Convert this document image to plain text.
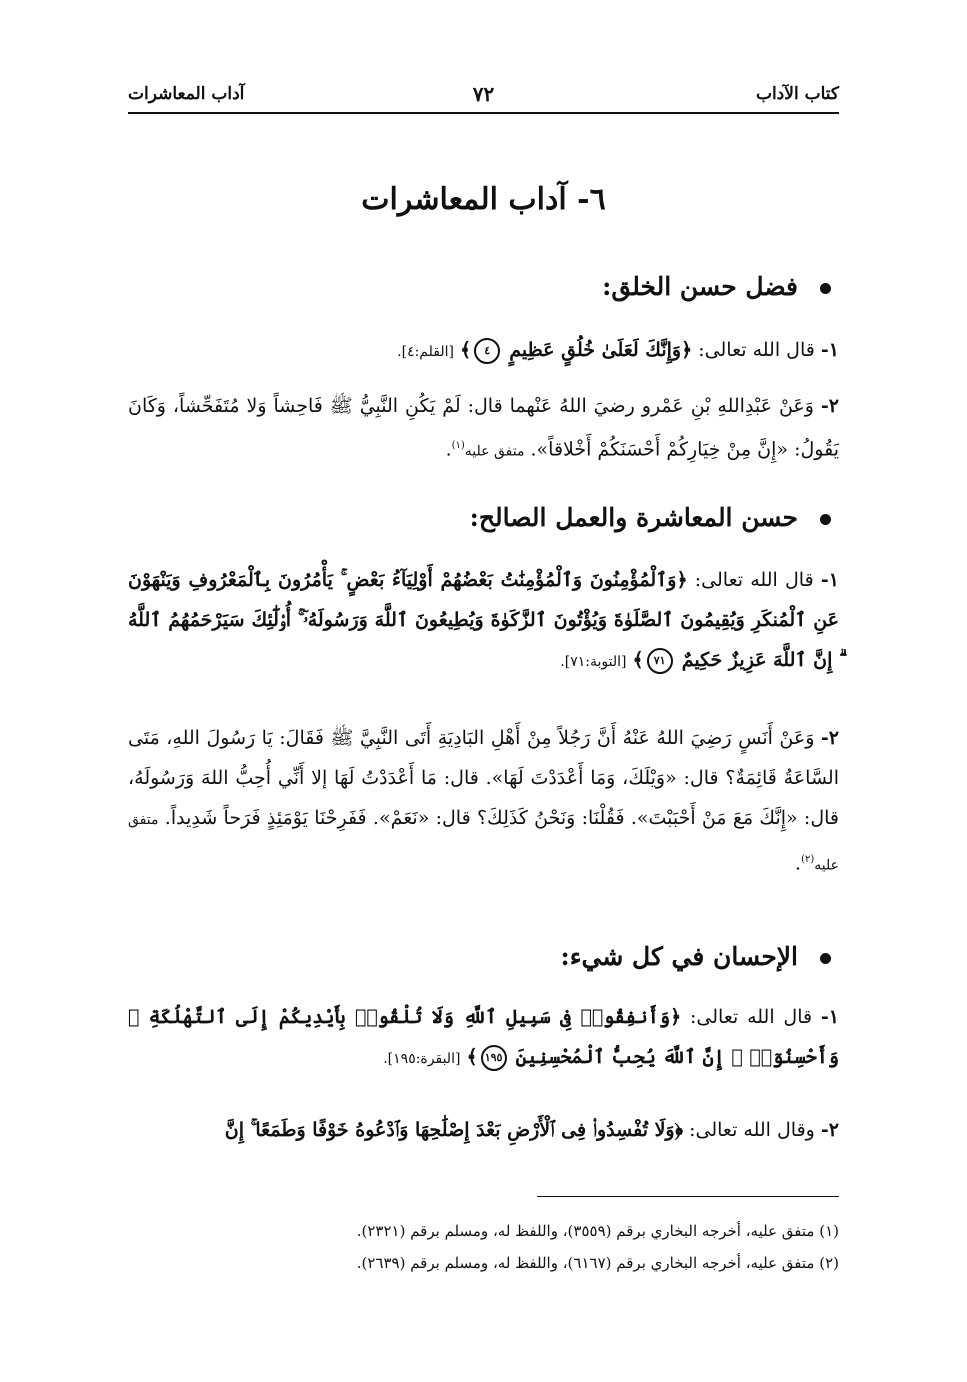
كتاب الآداب
٧٢
آداب المعاشرات
٦- آداب المعاشرات
فضل حسن الخلق:
١- قال الله تعالى: ﴿وَإِنَّكَ لَعَلَىٰ خُلُقٍ عَظِيمٍ ٤﴾ [القلم:٤].
٢- وَعَنْ عَبْدِاللهِ بْنِ عَمْرو رضيَ اللهُ عَنْهما قال: لَمْ يَكُنِ النَّبِيُّ ﷺ فَاحِشاً وَلا مُتَفَحِّشاً، وَكَانَ يَقُولُ: «إِنَّ مِنْ خِيَارِكُمْ أَحْسَنَكُمْ أَخْلاقاً». متفق عليه$^{(١)}$.
حسن المعاشرة والعمل الصالح:
١- قال الله تعالى: ﴿وَٱلْمُؤْمِنُونَ وَٱلْمُؤْمِنَٰتُ بَعْضُهُمْ أَوْلِيَآءُ بَعْضٍ ۚ يَأْمُرُونَ بِٱلْمَعْرُوفِ وَيَنْهَوْنَ عَنِ ٱلْمُنكَرِ وَيُقِيمُونَ ٱلصَّلَوٰةَ وَيُؤْتُونَ ٱلزَّكَوٰةَ وَيُطِيعُونَ ٱللَّهَ وَرَسُولَهُۥٓ ۚ أُو۟لَٰٓئِكَ سَيَرْحَمُهُمُ ٱللَّهُ ۗ إِنَّ ٱللَّهَ عَزِيزٌ حَكِيمٌ ٧١﴾ [التوبة:٧١].
٢- وَعَنْ أَنَسٍ رَضِيَ اللهُ عَنْهُ أَنَّ رَجُلاً مِنْ أَهْلِ البَادِيَةِ أَتَى النَّبِيَّ ﷺ فَقَالَ: يَا رَسُولَ اللهِ، مَتَى السَّاعَةُ قَائِمَةٌ؟ قال: «وَيْلَكَ، وَمَا أَعْدَدْتَ لَهَا». قال: مَا أَعْدَدْتُ لَهَا إلا أَنِّي أُحِبُّ اللهَ وَرَسُولَهُ، قال: «إِنَّكَ مَعَ مَنْ أَحْبَبْتَ». فَقُلْنَا: وَنَحْنُ كَذَلِكَ؟ قال: «نَعَمْ». فَفَرِحْنَا يَوْمَئِذٍ فَرَحاً شَدِيداً. متفق عليه$^{(٢)}$.
الإحسان في كل شيء:
١- قال الله تعالى: ﴿وَأَنفِقُوا۟ فِى سَبِيلِ ٱللَّهِ وَلَا تُلْقُوا۟ بِأَيْدِيكُمْ إِلَى ٱلتَّهْلُكَةِ ۛ وَأَحْسِنُوٓا۟ ۛ إِنَّ ٱللَّهَ يُحِبُّ ٱلْمُحْسِنِينَ ١٩٥﴾ [البقرة:١٩٥].
٢- وقال الله تعالى: ﴿وَلَا تُفْسِدُوا۟ فِى ٱلْأَرْضِ بَعْدَ إِصْلَٰحِهَا وَٱدْعُوهُ خَوْفًا وَطَمَعًا ۚ إِنَّ
(١) متفق عليه، أخرجه البخاري برقم (٣٥٥٩)، واللفظ له، ومسلم برقم (٢٣٢١).
(٢) متفق عليه، أخرجه البخاري برقم (٦١٦٧)، واللفظ له، ومسلم برقم (٢٦٣٩).
